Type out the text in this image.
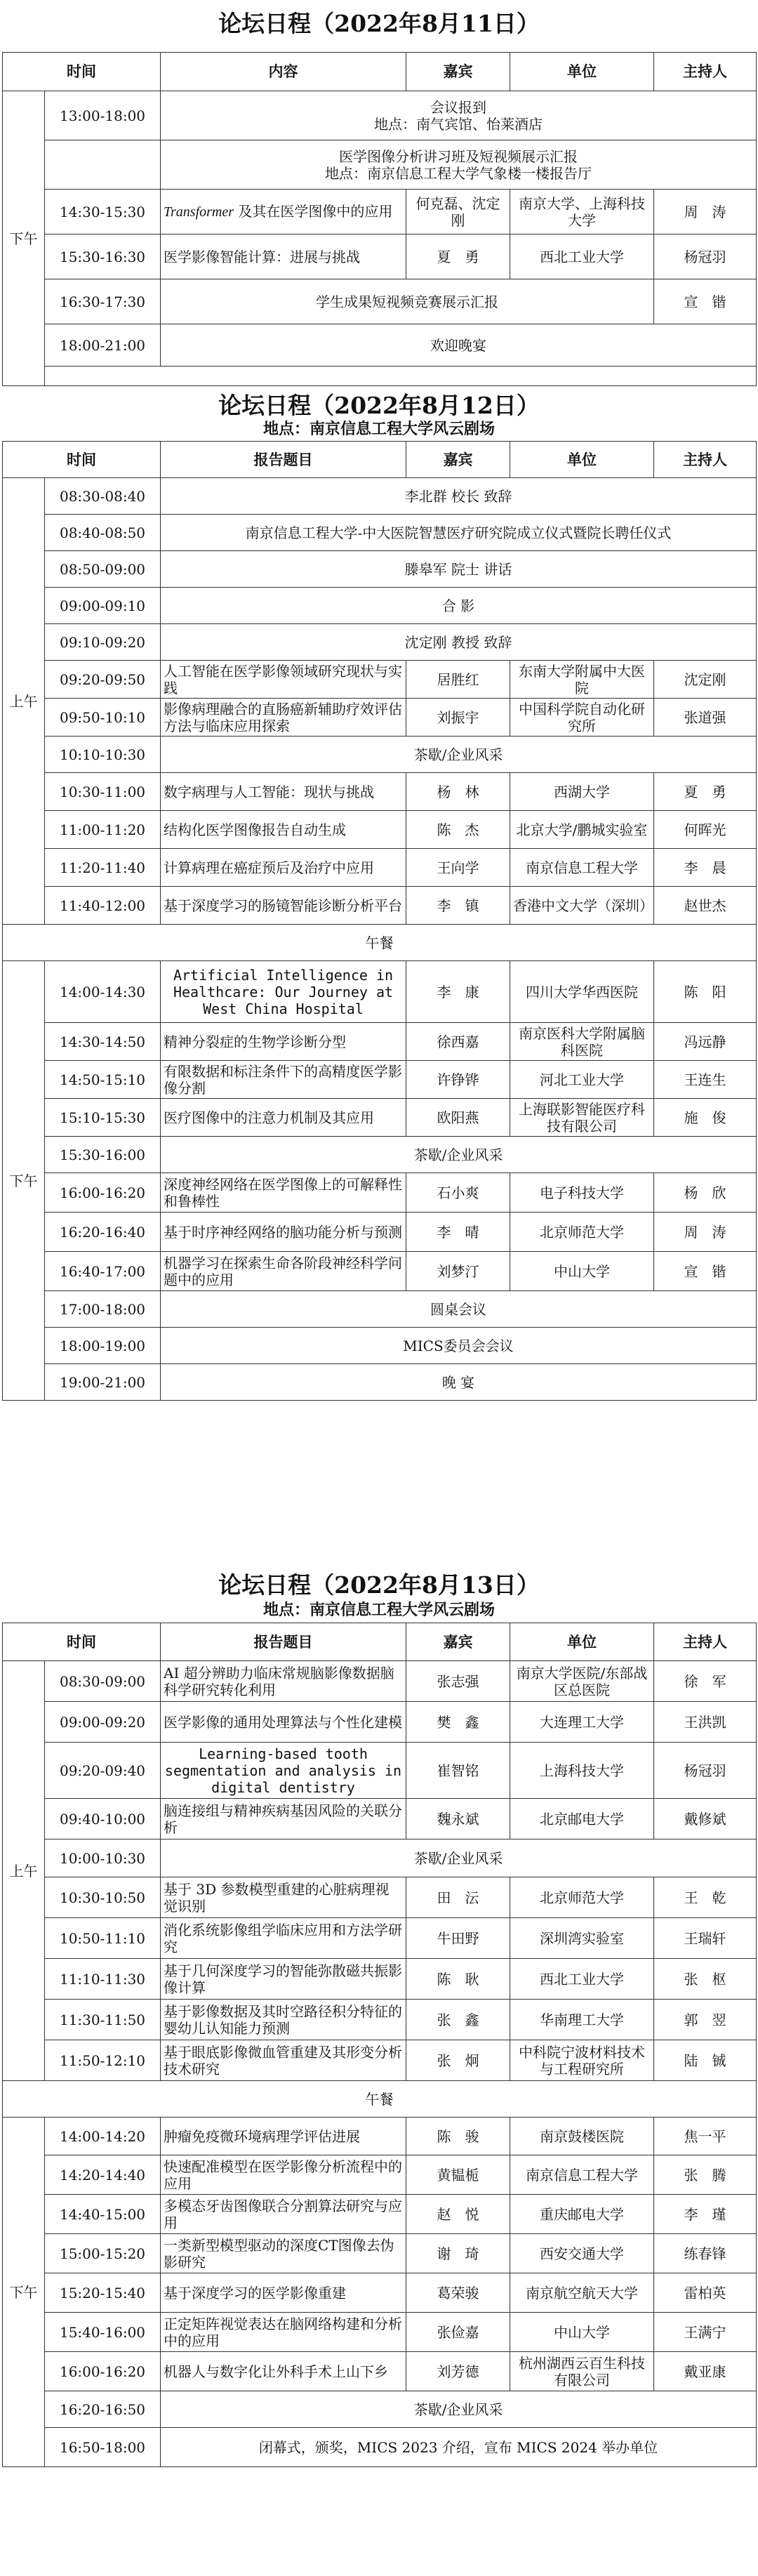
论坛日程（2022年8月11日）
时间		内容	嘉宾	单位	主持人
下午	13:00-18:00	会议报到
地点：南气宾馆、怡莱酒店			

		医学图像分析讲习班及短视频展示汇报
地点：南京信息工程大学气象楼一楼报告厅			

	14:30-15:30	Transformer 及其在医学图像中的应用	何克磊、沈定刚	南京大学、上海科技大学	周　涛
	15:30-16:30	医学影像智能计算：进展与挑战	夏　勇	西北工业大学	杨冠羽
	16:30-17:30	学生成果短视频竞赛展示汇报			宣　锴
	18:00-21:00	欢迎晚宴			

论坛日程（2022年8月12日）
地点：南京信息工程大学风云剧场
时间		报告题目	嘉宾	单位	主持人
上午	08:30-08:40	李北群 校长 致辞			
	08:40-08:50	南京信息工程大学-中大医院智慧医疗研究院成立仪式暨院长聘任仪式			
	08:50-09:00	滕皋军 院士 讲话			
	09:00-09:10	合 影			
	09:10-09:20	沈定刚 教授 致辞			
	09:20-09:50	人工智能在医学影像领域研究现状与实践	居胜红	东南大学附属中大医院	沈定刚
	09:50-10:10	影像病理融合的直肠癌新辅助疗效评估方法与临床应用探索	刘振宇	中国科学院自动化研究所	张道强
	10:10-10:30	茶歇/企业风采			
	10:30-11:00	数字病理与人工智能：现状与挑战	杨　林	西湖大学	夏　勇
	11:00-11:20	结构化医学图像报告自动生成	陈　杰	北京大学/鹏城实验室	何晖光
	11:20-11:40	计算病理在癌症预后及治疗中应用	王向学	南京信息工程大学	李　晨
	11:40-12:00	基于深度学习的肠镜智能诊断分析平台	李　镇	香港中文大学（深圳）	赵世杰
午餐					
下午	14:00-14:30	Artificial Intelligence in
Healthcare: Our Journey at
West China Hospital	李　康	四川大学华西医院	陈　阳
	14:30-14:50	精神分裂症的生物学诊断分型	徐西嘉	南京医科大学附属脑科医院	冯远静
	14:50-15:10	有限数据和标注条件下的高精度医学影像分割	许铮铧	河北工业大学	王连生
	15:10-15:30	医疗图像中的注意力机制及其应用	欧阳燕	上海联影智能医疗科技有限公司	施　俊
	15:30-16:00	茶歇/企业风采			
	16:00-16:20	深度神经网络在医学图像上的可解释性和鲁棒性	石小爽	电子科技大学	杨　欣
	16:20-16:40	基于时序神经网络的脑功能分析与预测	李　晴	北京师范大学	周　涛
	16:40-17:00	机器学习在探索生命各阶段神经科学问题中的应用	刘梦汀	中山大学	宣　锴
	17:00-18:00	圆桌会议			
	18:00-19:00	MICS委员会会议			
	19:00-21:00	晚 宴			
论坛日程（2022年8月13日）
地点：南京信息工程大学风云剧场
时间		报告题目	嘉宾	单位	主持人
上午	08:30-09:00	AI 超分辨助力临床常规脑影像数据脑科学研究转化利用	张志强	南京大学医院/东部战区总医院	徐　军
	09:00-09:20	医学影像的通用处理算法与个性化建模	樊　鑫	大连理工大学	王洪凯
	09:20-09:40	Learning-based tooth
segmentation and analysis in
digital dentistry	崔智铭	上海科技大学	杨冠羽
	09:40-10:00	脑连接组与精神疾病基因风险的关联分析	魏永斌	北京邮电大学	戴修斌
	10:00-10:30	茶歇/企业风采			
	10:30-10:50	基于 3D 参数模型重建的心脏病理视觉识别	田　沄	北京师范大学	王　乾
	10:50-11:10	消化系统影像组学临床应用和方法学研究	牛田野	深圳湾实验室	王瑞轩
	11:10-11:30	基于几何深度学习的智能弥散磁共振影像计算	陈　耿	西北工业大学	张　枢
	11:30-11:50	基于影像数据及其时空路径积分特征的婴幼儿认知能力预测	张　鑫	华南理工大学	郭　翌
	11:50-12:10	基于眼底影像微血管重建及其形变分析技术研究	张　炯	中科院宁波材料技术与工程研究所	陆　铖
午餐					
下午	14:00-14:20	肿瘤免疫微环境病理学评估进展	陈　骏	南京鼓楼医院	焦一平
	14:20-14:40	快速配准模型在医学影像分析流程中的应用	黄韫栀	南京信息工程大学	张　腾
	14:40-15:00	多模态牙齿图像联合分割算法研究与应用	赵　悦	重庆邮电大学	李　瑾
	15:00-15:20	一类新型模型驱动的深度CT图像去伪影研究	谢　琦	西安交通大学	练春锋
	15:20-15:40	基于深度学习的医学影像重建	葛荣骏	南京航空航天大学	雷柏英
	15:40-16:00	正定矩阵视觉表达在脑网络构建和分析中的应用	张俭嘉	中山大学	王满宁
	16:00-16:20	机器人与数字化让外科手术上山下乡	刘芳德	杭州湖西云百生科技有限公司	戴亚康
	16:20-16:50	茶歇/企业风采			
	16:50-18:00	闭幕式，颁奖，MICS 2023 介绍，宣布 MICS 2024 举办单位			
